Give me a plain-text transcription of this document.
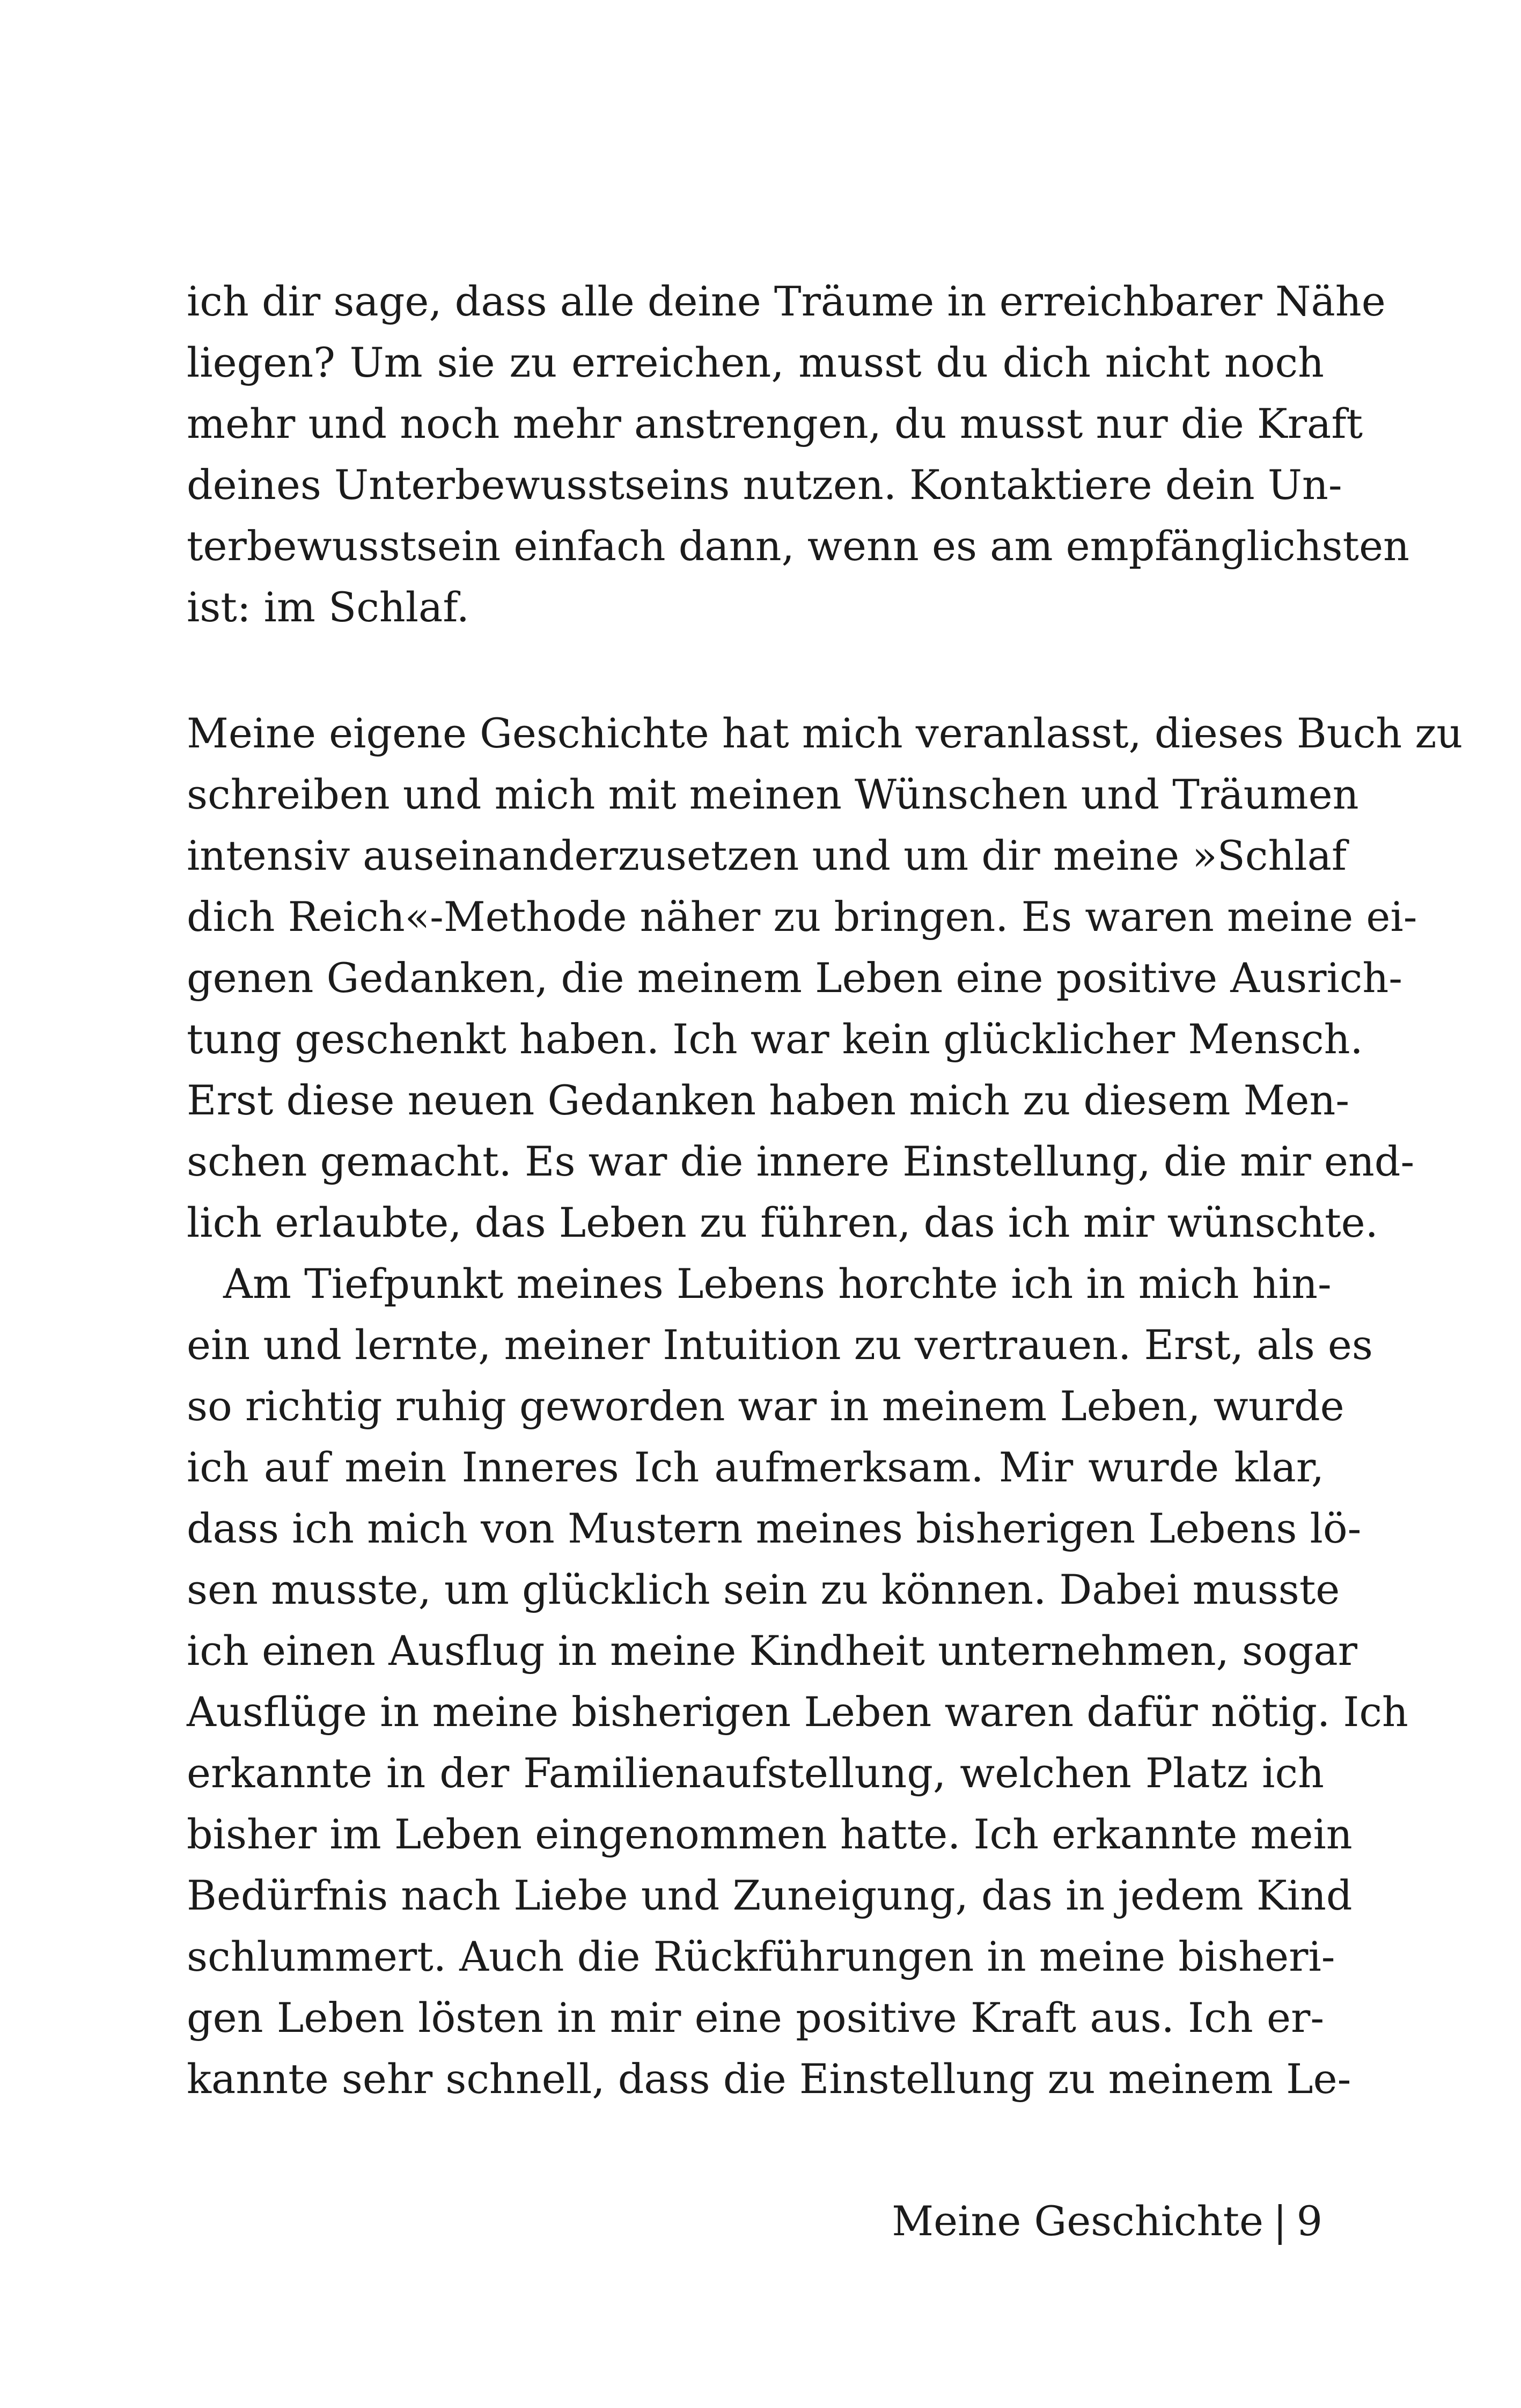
ich dir sage, dass alle deine Träume in erreichbarer Nähe
liegen? Um sie zu erreichen, musst du dich nicht noch
mehr und noch mehr anstrengen, du musst nur die Kraft
deines Unterbewusstseins nutzen. Kontaktiere dein Un-
terbewusstsein einfach dann, wenn es am empfänglichsten
ist: im Schlaf.
Meine eigene Geschichte hat mich veranlasst, dieses Buch zu
schreiben und mich mit meinen Wünschen und Träumen
intensiv auseinanderzusetzen und um dir meine »Schlaf
dich Reich«-Methode näher zu bringen. Es waren meine ei-
genen Gedanken, die meinem Leben eine positive Ausrich-
tung geschenkt haben. Ich war kein glücklicher Mensch.
Erst diese neuen Gedanken haben mich zu diesem Men-
schen gemacht. Es war die innere Einstellung, die mir end-
lich erlaubte, das Leben zu führen, das ich mir wünschte.
Am Tiefpunkt meines Lebens horchte ich in mich hin-
ein und lernte, meiner Intuition zu vertrauen. Erst, als es
so richtig ruhig geworden war in meinem Leben, wurde
ich auf mein Inneres Ich aufmerksam. Mir wurde klar,
dass ich mich von Mustern meines bisherigen Lebens lö-
sen musste, um glücklich sein zu können. Dabei musste
ich einen Ausflug in meine Kindheit unternehmen, sogar
Ausflüge in meine bisherigen Leben waren dafür nötig. Ich
erkannte in der Familienaufstellung, welchen Platz ich
bisher im Leben eingenommen hatte. Ich erkannte mein
Bedürfnis nach Liebe und Zuneigung, das in jedem Kind
schlummert. Auch die Rückführungen in meine bisheri-
gen Leben lösten in mir eine positive Kraft aus. Ich er-
kannte sehr schnell, dass die Einstellung zu meinem Le-
Meine Geschichte | 9
